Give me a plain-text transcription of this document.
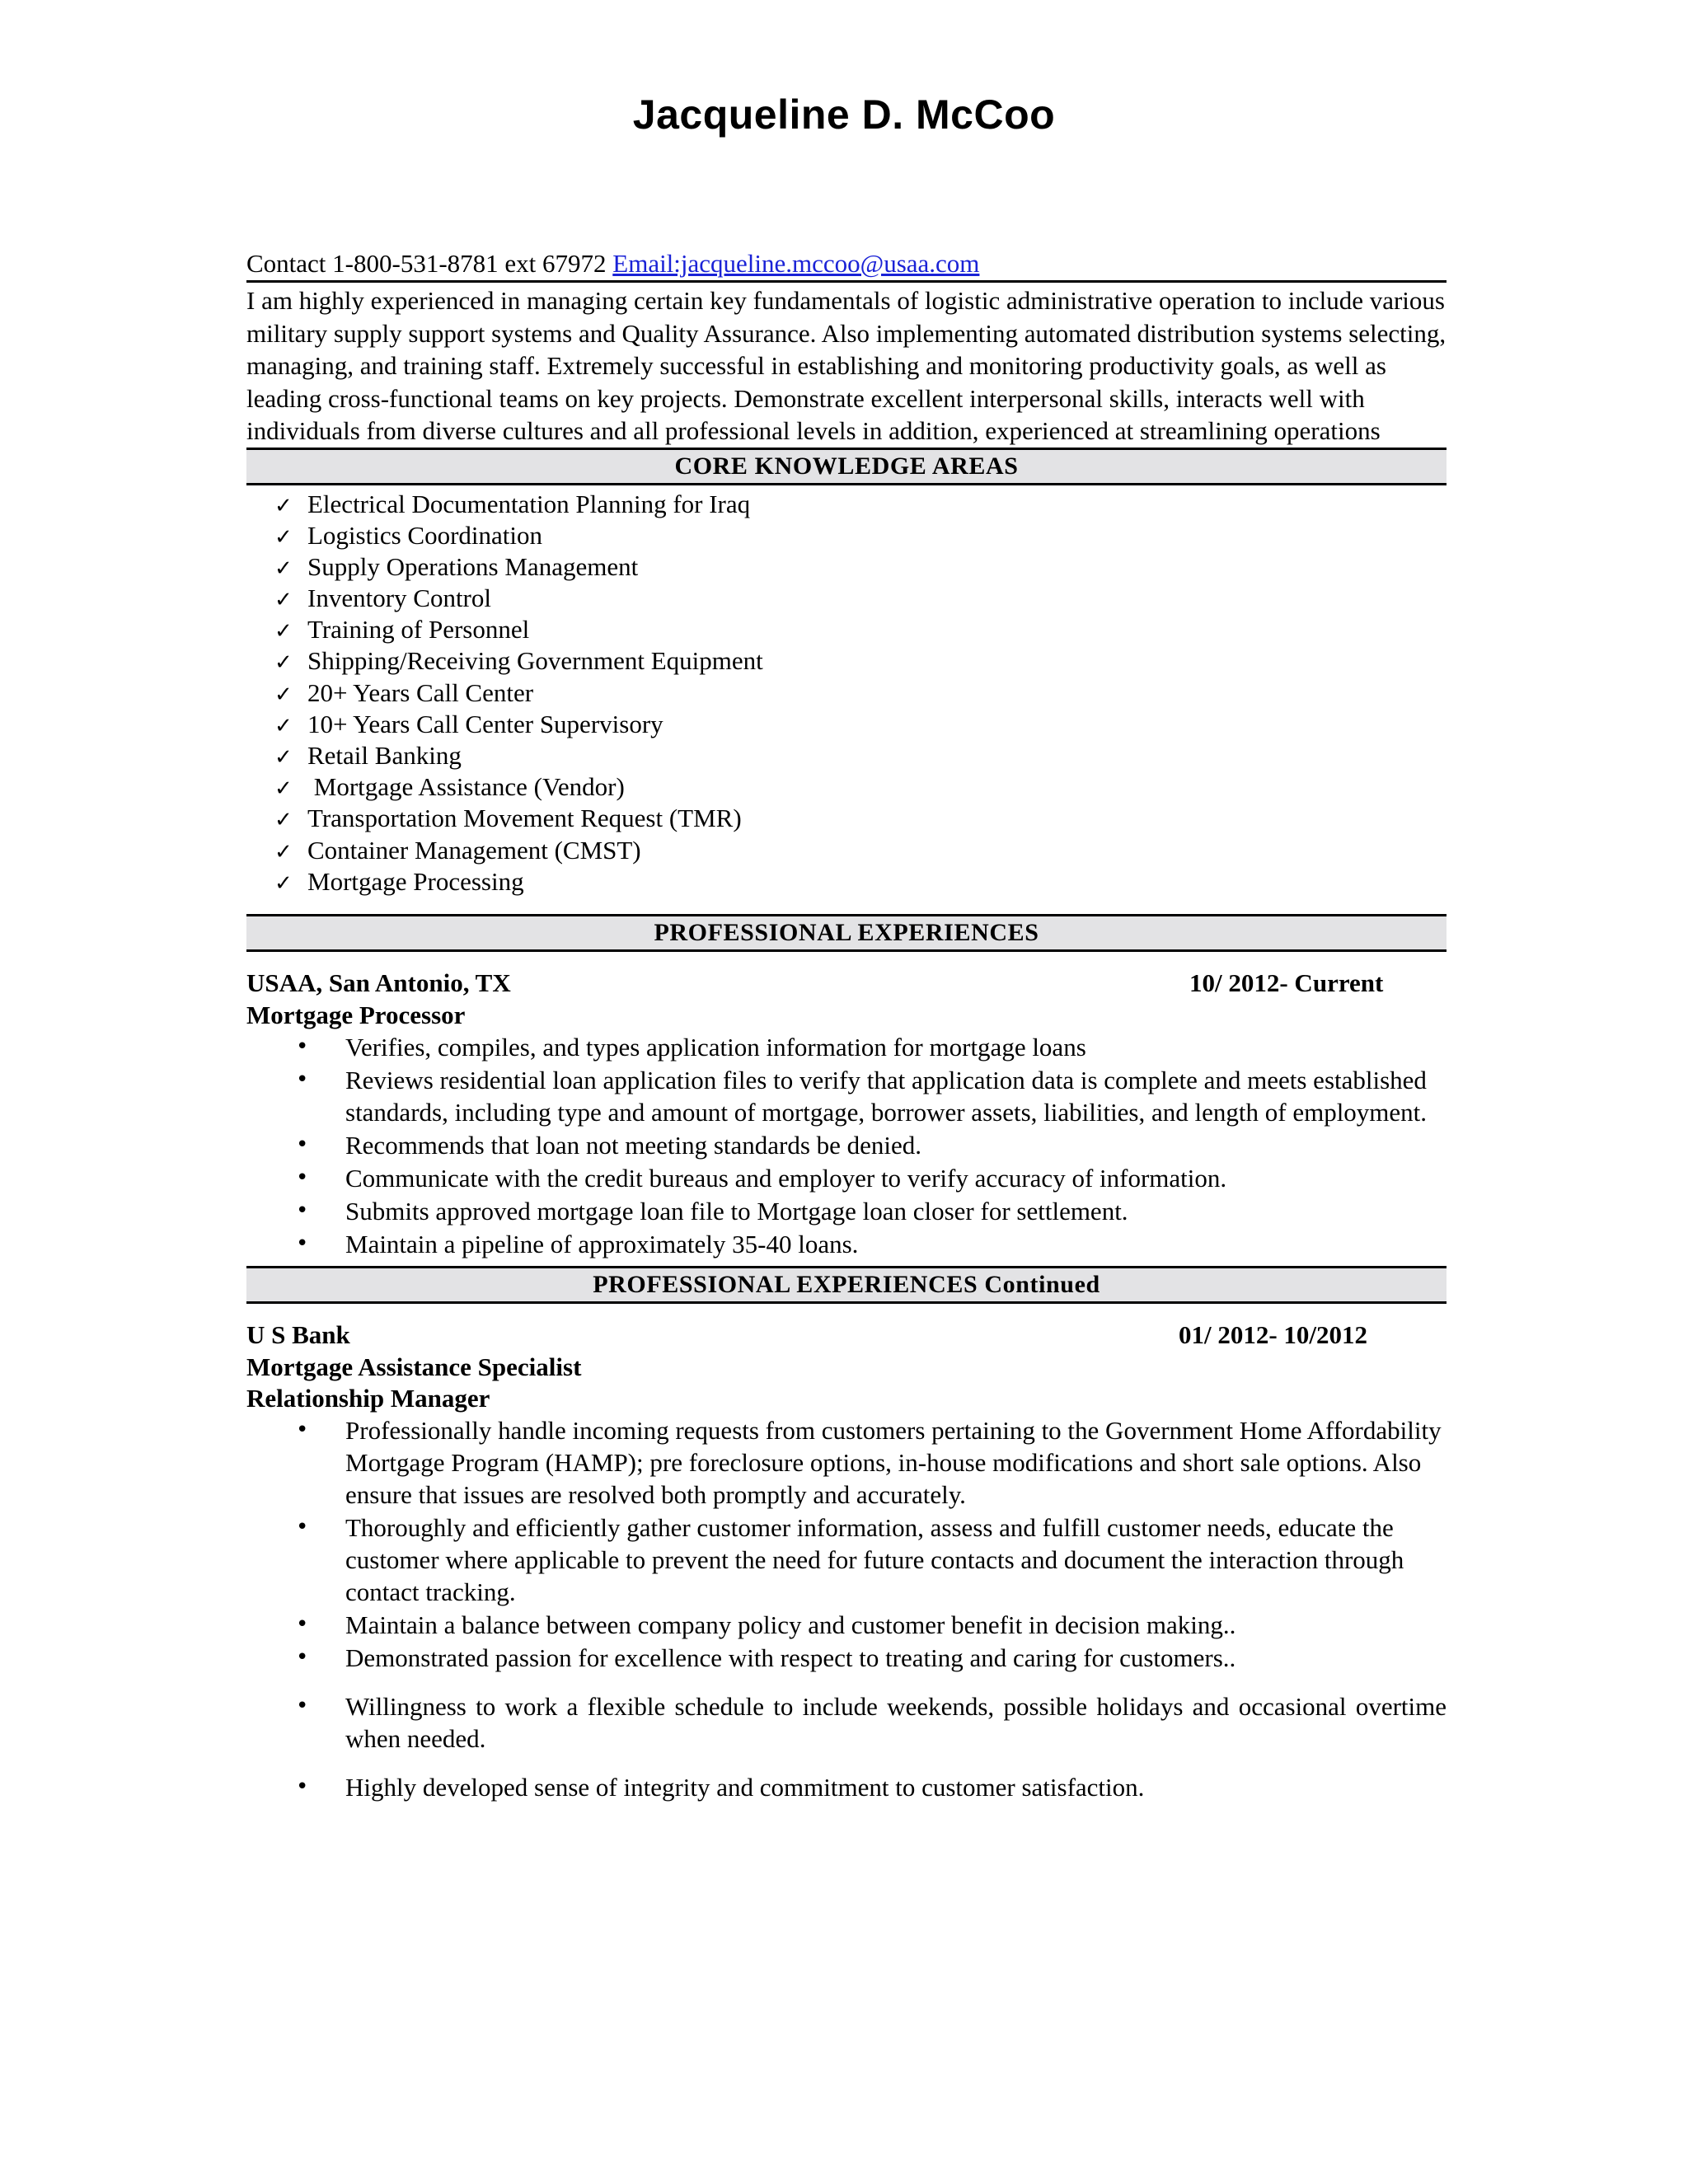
Jacqueline D. McCoo
Contact 1-800-531-8781 ext 67972 Email:jacqueline.mccoo@usaa.com
I am highly experienced in managing certain key fundamentals of logistic administrative operation to include various military supply support systems and Quality Assurance. Also implementing automated distribution systems selecting, managing, and training staff. Extremely successful in establishing and monitoring productivity goals, as well as leading cross-functional teams on key projects. Demonstrate excellent interpersonal skills, interacts well with individuals from diverse cultures and all professional levels in addition, experienced at streamlining operations
CORE KNOWLEDGE AREAS
✓ Electrical Documentation Planning for Iraq
✓ Logistics Coordination
✓ Supply Operations Management
✓ Inventory Control
✓ Training of Personnel
✓ Shipping/Receiving Government Equipment
✓ 20+ Years Call Center
✓ 10+ Years Call Center Supervisory
✓ Retail Banking
✓ Mortgage Assistance (Vendor)
✓ Transportation Movement Request (TMR)
✓ Container Management (CMST)
✓ Mortgage Processing
PROFESSIONAL EXPERIENCES
USAA, San Antonio, TX	10/ 2012- Current
Mortgage Processor
• Verifies, compiles, and types application information for mortgage loans
• Reviews residential loan application files to verify that application data is complete and meets established standards, including type and amount of mortgage, borrower assets, liabilities, and length of employment.
• Recommends that loan not meeting standards be denied.
• Communicate with the credit bureaus and employer to verify accuracy of information.
• Submits approved mortgage loan file to Mortgage loan closer for settlement.
• Maintain a pipeline of approximately 35-40 loans.
PROFESSIONAL EXPERIENCES Continued
U S Bank	01/ 2012- 10/2012
Mortgage Assistance Specialist
Relationship Manager
• Professionally handle incoming requests from customers pertaining to the Government Home Affordability Mortgage Program (HAMP); pre foreclosure options, in-house modifications and short sale options. Also ensure that issues are resolved both promptly and accurately.
• Thoroughly and efficiently gather customer information, assess and fulfill customer needs, educate the customer where applicable to prevent the need for future contacts and document the interaction through contact tracking.
• Maintain a balance between company policy and customer benefit in decision making..
• Demonstrated passion for excellence with respect to treating and caring for customers..
• Willingness to work a flexible schedule to include weekends, possible holidays and occasional overtime when needed.
• Highly developed sense of integrity and commitment to customer satisfaction.
